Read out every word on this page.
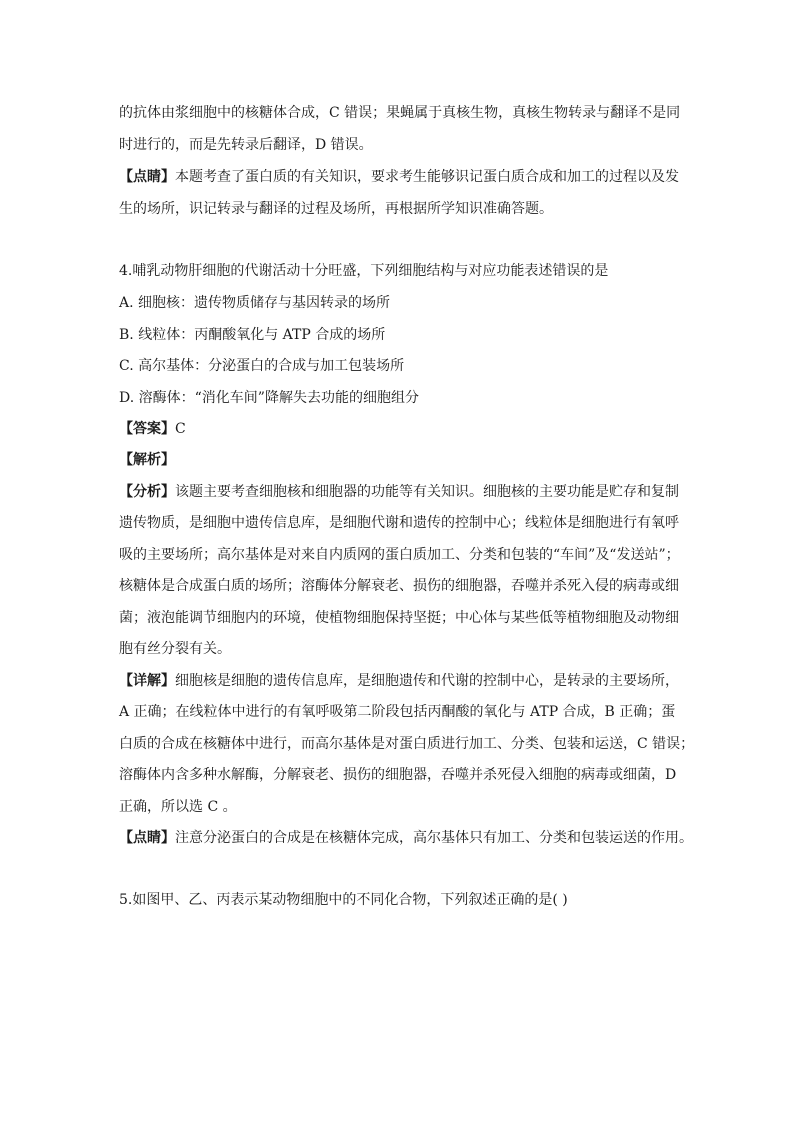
的抗体由浆细胞中的核糖体合成，C 错误；果蝇属于真核生物，真核生物转录与翻译不是同
时进行的，而是先转录后翻译，D 错误。
【点睛】本题考查了蛋白质的有关知识，要求考生能够识记蛋白质合成和加工的过程以及发
生的场所，识记转录与翻译的过程及场所，再根据所学知识准确答题。
4.哺乳动物肝细胞的代谢活动十分旺盛，下列细胞结构与对应功能表述错误的是
A. 细胞核：遗传物质储存与基因转录的场所
B. 线粒体：丙酮酸氧化与 ATP 合成的场所
C. 高尔基体：分泌蛋白的合成与加工包装场所
D. 溶酶体：“消化车间”降解失去功能的细胞组分
【答案】C
【解析】
【分析】该题主要考查细胞核和细胞器的功能等有关知识。细胞核的主要功能是贮存和复制
遗传物质，是细胞中遗传信息库，是细胞代谢和遗传的控制中心；线粒体是细胞进行有氧呼
吸的主要场所；高尔基体是对来自内质网的蛋白质加工、分类和包装的“车间”及“发送站”；
核糖体是合成蛋白质的场所；溶酶体分解衰老、损伤的细胞器，吞噬并杀死入侵的病毒或细
菌；液泡能调节细胞内的环境，使植物细胞保持坚挺；中心体与某些低等植物细胞及动物细
胞有丝分裂有关。
【详解】细胞核是细胞的遗传信息库，是细胞遗传和代谢的控制中心，是转录的主要场所，
A 正确；在线粒体中进行的有氧呼吸第二阶段包括丙酮酸的氧化与 ATP 合成，B 正确；蛋
白质的合成在核糖体中进行，而高尔基体是对蛋白质进行加工、分类、包装和运送，C 错误；
溶酶体内含多种水解酶，分解衰老、损伤的细胞器，吞噬并杀死侵入细胞的病毒或细菌，D
正确，所以选 C 。
【点睛】注意分泌蛋白的合成是在核糖体完成，高尔基体只有加工、分类和包装运送的作用。
5.如图甲、乙、丙表示某动物细胞中的不同化合物，下列叙述正确的是( )
